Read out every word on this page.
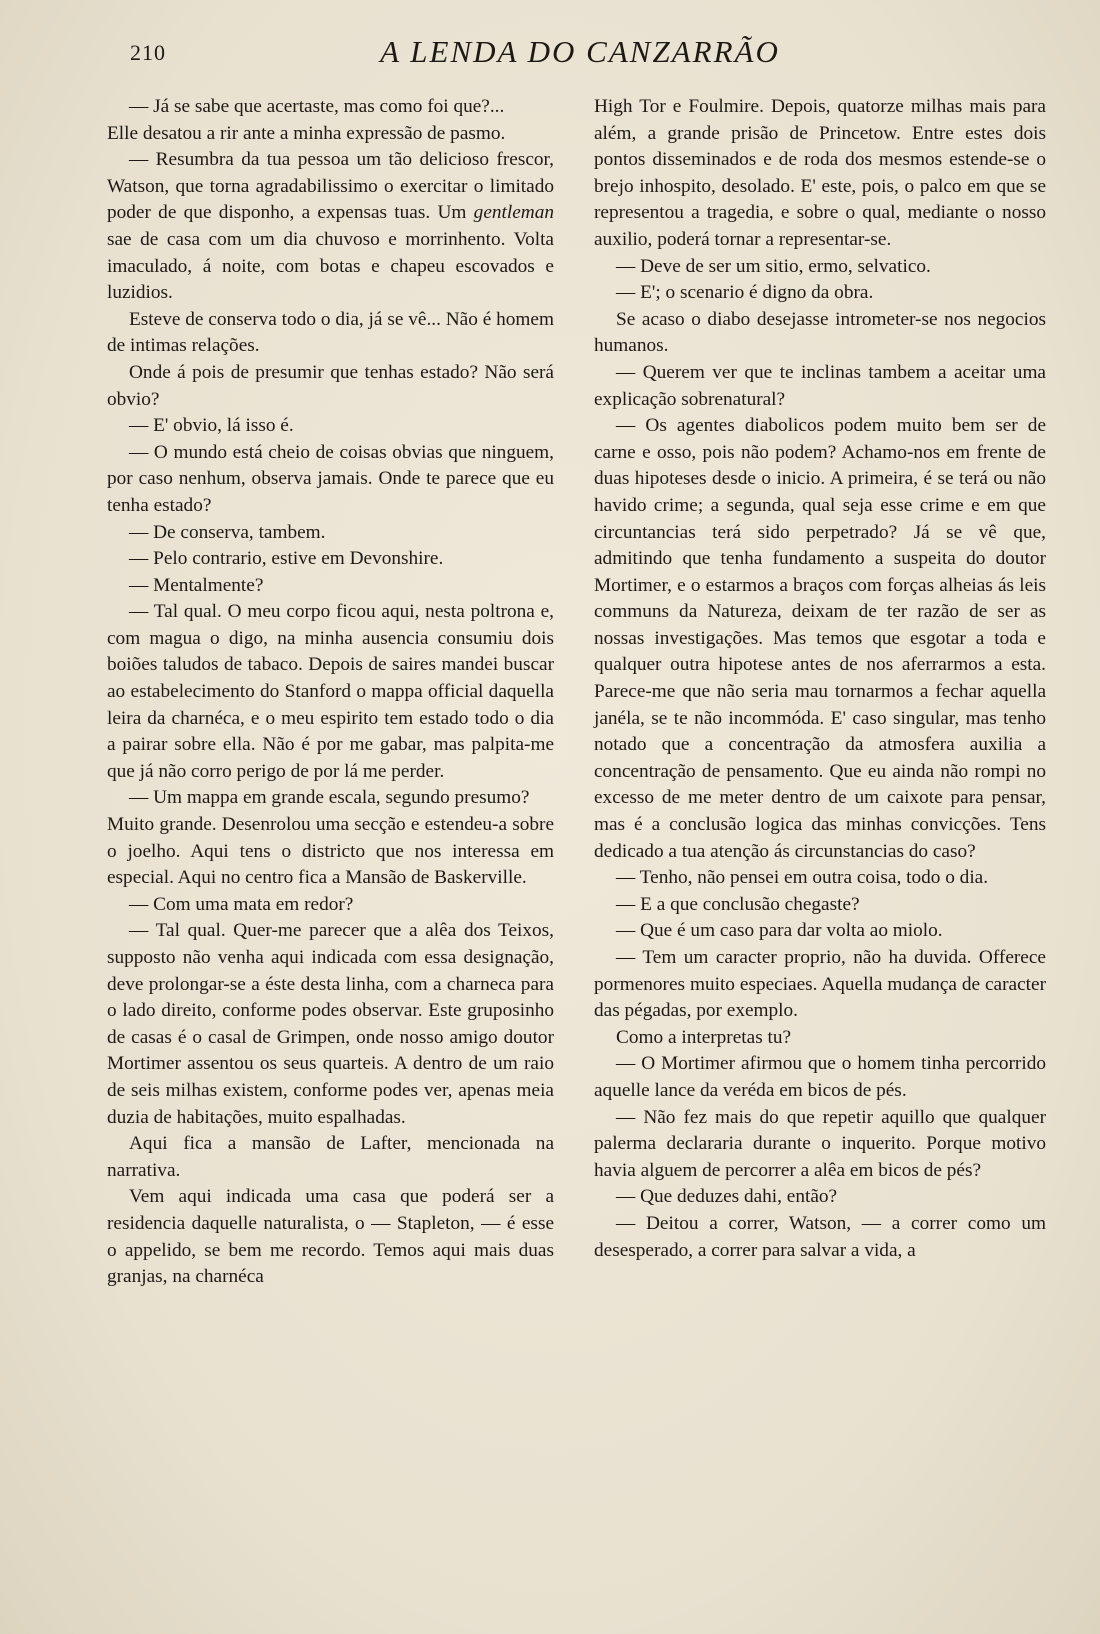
210	A LENDA DO CANZARRÃO

— Já se sabe que acertaste, mas como foi que?...

Elle desatou a rir ante a minha expressão de pasmo.

— Resumbra da tua pessoa um tão delicioso frescor, Watson, que torna agradabilissimo o exercitar o limitado poder de que disponho, a expensas tuas. Um gentleman sae de casa com um dia chuvoso e morrinhento. Volta imaculado, á noite, com botas e chapeu escovados e luzidios.

Esteve de conserva todo o dia, já se vê... Não é homem de intimas relações.

Onde á pois de presumir que tenhas estado? Não será obvio?

— E' obvio, lá isso é.

— O mundo está cheio de coisas obvias que ninguem, por caso nenhum, observa jamais. Onde te parece que eu tenha estado?

— De conserva, tambem.

— Pelo contrario, estive em Devonshire.

— Mentalmente?

— Tal qual. O meu corpo ficou aqui, nesta poltrona e, com magua o digo, na minha ausencia consumiu dois boiões taludos de tabaco. Depois de saires mandei buscar ao estabelecimento do Stanford o mappa official daquella leira da charnéca, e o meu espirito tem estado todo o dia a pairar sobre ella. Não é por me gabar, mas palpita-me que já não corro perigo de por lá me perder.

— Um mappa em grande escala, segundo presumo?

Muito grande. Desenrolou uma secção e estendeu-a sobre o joelho. Aqui tens o districto que nos interessa em especial. Aqui no centro fica a Mansão de Baskerville.

— Com uma mata em redor?

— Tal qual. Quer-me parecer que a alêa dos Teixos, supposto não venha aqui indicada com essa designação, deve prolongar-se a éste desta linha, com a charneca para o lado direito, conforme podes observar. Este gruposinho de casas é o casal de Grimpen, onde nosso amigo doutor Mortimer assentou os seus quarteis. A dentro de um raio de seis milhas existem, conforme podes ver, apenas meia duzia de habitações, muito espalhadas.

Aqui fica a mansão de Lafter, mencionada na narrativa.

Vem aqui indicada uma casa que poderá ser a residencia daquelle naturalista, o — Stapleton, — é esse o appelido, se bem me recordo. Temos aqui mais duas granjas, na charnéca

High Tor e Foulmire. Depois, quatorze milhas mais para além, a grande prisão de Princetow. Entre estes dois pontos disseminados e de roda dos mesmos estende-se o brejo inhospito, desolado. E' este, pois, o palco em que se representou a tragedia, e sobre o qual, mediante o nosso auxilio, poderá tornar a representar-se.

— Deve de ser um sitio, ermo, selvatico.

— E'; o scenario é digno da obra.

Se acaso o diabo desejasse intrometer-se nos negocios humanos.

— Querem ver que te inclinas tambem a aceitar uma explicação sobrenatural?

— Os agentes diabolicos podem muito bem ser de carne e osso, pois não podem? Achamo-nos em frente de duas hipoteses desde o inicio. A primeira, é se terá ou não havido crime; a segunda, qual seja esse crime e em que circuntancias terá sido perpetrado? Já se vê que, admitindo que tenha fundamento a suspeita do doutor Mortimer, e o estarmos a braços com forças alheias ás leis communs da Natureza, deixam de ter razão de ser as nossas investigações. Mas temos que esgotar a toda e qualquer outra hipotese antes de nos aferrarmos a esta. Parece-me que não seria mau tornarmos a fechar aquella janéla, se te não incommóda. E' caso singular, mas tenho notado que a concentração da atmosfera auxilia a concentração de pensamento. Que eu ainda não rompi no excesso de me meter dentro de um caixote para pensar, mas é a conclusão logica das minhas convicções. Tens dedicado a tua atenção ás circunstancias do caso?

— Tenho, não pensei em outra coisa, todo o dia.

— E a que conclusão chegaste?

— Que é um caso para dar volta ao miolo.

— Tem um caracter proprio, não ha duvida. Offerece pormenores muito especiaes. Aquella mudança de caracter das pégadas, por exemplo.

Como a interpretas tu?

— O Mortimer afirmou que o homem tinha percorrido aquelle lance da veréda em bicos de pés.

— Não fez mais do que repetir aquillo que qualquer palerma declararia durante o inquerito. Porque motivo havia alguem de percorrer a alêa em bicos de pés?

— Que deduzes dahi, então?

— Deitou a correr, Watson, — a correr como um desesperado, a correr para salvar a vida, a
